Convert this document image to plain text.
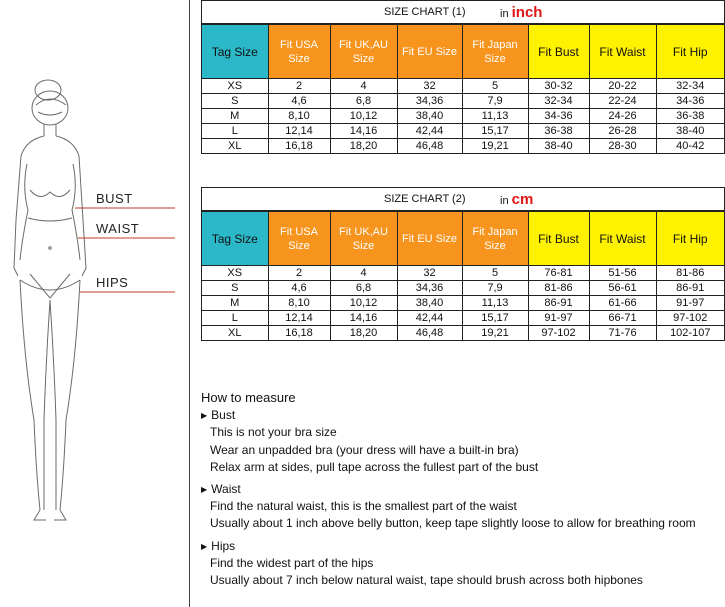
BUST
WAIST
HIPS
SIZE CHART (1)	in inch
Tag Size	Fit USA Size	Fit UK,AU Size	Fit EU Size	Fit Japan Size	Fit Bust	Fit Waist	Fit Hip
XS	2	4	32	5	30-32	20-22	32-34
S	4,6	6,8	34,36	7,9	32-34	22-24	34-36
M	8,10	10,12	38,40	11,13	34-36	24-26	36-38
L	12,14	14,16	42,44	15,17	36-38	26-28	38-40
XL	16,18	18,20	46,48	19,21	38-40	28-30	40-42
SIZE CHART (2)	in cm
Tag Size	Fit USA Size	Fit UK,AU Size	Fit EU Size	Fit Japan Size	Fit Bust	Fit Waist	Fit Hip
XS	2	4	32	5	76-81	51-56	81-86
S	4,6	6,8	34,36	7,9	81-86	56-61	86-91
M	8,10	10,12	38,40	11,13	86-91	61-66	91-97
L	12,14	14,16	42,44	15,17	91-97	66-71	97-102
XL	16,18	18,20	46,48	19,21	97-102	71-76	102-107
How to measure
▶ Bust
This is not your bra size
Wear an unpadded bra (your dress will have a built-in bra)
Relax arm at sides, pull tape across the fullest part of the bust
▶ Waist
Find the natural waist, this is the smallest part of the waist
Usually about 1 inch above belly button, keep tape slightly loose to allow for breathing room
▶ Hips
Find the widest part of the hips
Usually about 7 inch below natural waist, tape should brush across both hipbones
